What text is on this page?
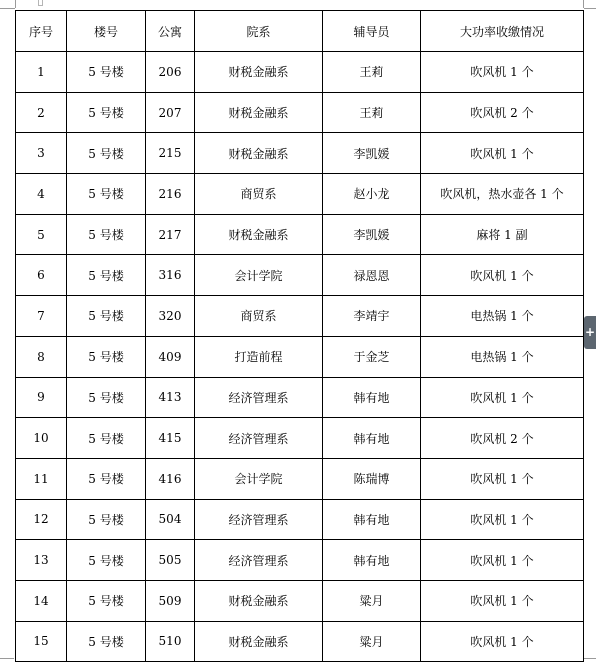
序号	楼号	公寓	院系	辅导员	大功率收缴情况
1	5 号楼	206	财税金融系	王莉	吹风机 1 个
2	5 号楼	207	财税金融系	王莉	吹风机 2 个
3	5 号楼	215	财税金融系	李凯媛	吹风机 1 个
4	5 号楼	216	商贸系	赵小龙	吹风机，热水壶各 1 个
5	5 号楼	217	财税金融系	李凯媛	麻将 1 副
6	5 号楼	316	会计学院	禄恩恩	吹风机 1 个
7	5 号楼	320	商贸系	李靖宇	电热锅 1 个
8	5 号楼	409	打造前程	于金芝	电热锅 1 个
9	5 号楼	413	经济管理系	韩有地	吹风机 1 个
10	5 号楼	415	经济管理系	韩有地	吹风机 2 个
11	5 号楼	416	会计学院	陈瑞博	吹风机 1 个
12	5 号楼	504	经济管理系	韩有地	吹风机 1 个
13	5 号楼	505	经济管理系	韩有地	吹风机 1 个
14	5 号楼	509	财税金融系	粱月	吹风机 1 个
15	5 号楼	510	财税金融系	粱月	吹风机 1 个
+
